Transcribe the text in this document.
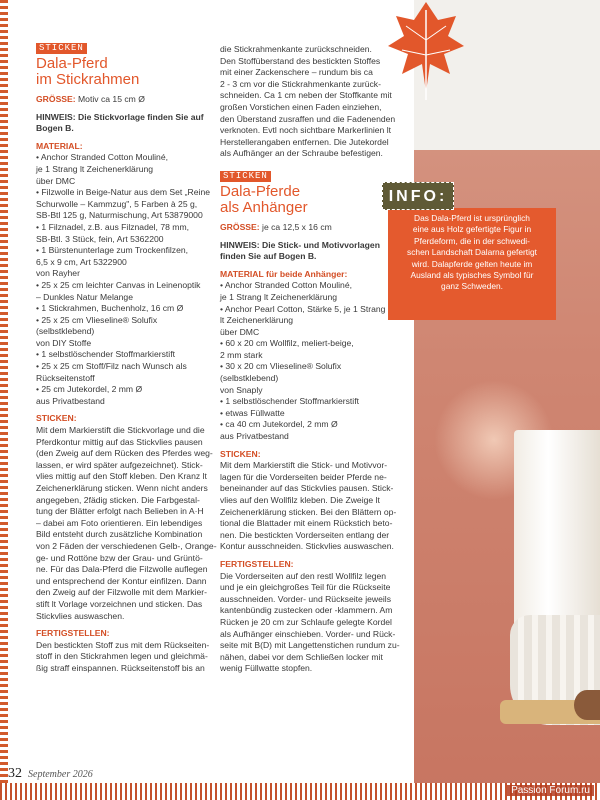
STICKEN
Dala-Pferd
im Stickrahmen
GRÖSSE: Motiv ca 15 cm Ø
HINWEIS: Die Stickvorlage finden Sie auf
Bogen B.
MATERIAL:
• Anchor Stranded Cotton Mouliné,
je 1 Strang lt Zeichenerklärung
über DMC
• Filzwolle in Beige-Natur aus dem Set „Reine
Schurwolle – Kammzug", 5 Farben à 25 g,
SB-Btl 125 g, Naturmischung, Art 53879000
• 1 Filznadel, z.B. aus Filznadel, 78 mm,
SB-Btl. 3 Stück, fein, Art 5362200
• 1 Bürstenunterlage zum Trockenfilzen,
6,5 x 9 cm, Art 5322900
von Rayher
• 25 x 25 cm leichter Canvas in Leinenoptik
– Dunkles Natur Melange
• 1 Stickrahmen, Buchenholz, 16 cm Ø
• 25 x 25 cm Vlieseline® Solufix
(selbstklebend)
von DIY Stoffe
• 1 selbstlöschender Stoffmarkierstift
• 25 x 25 cm Stoff/Filz nach Wunsch als
Rückseitenstoff
• 25 cm Jutekordel, 2 mm Ø
aus Privatbestand
STICKEN:
Mit dem Markierstift die Stickvorlage und die
Pferdkontur mittig auf das Stickvlies pausen
(den Zweig auf dem Rücken des Pferdes weg-
lassen, er wird später aufgezeichnet). Stick-
vlies mittig auf den Stoff kleben. Den Kranz lt
Zeichenerklärung sticken. Wenn nicht anders
angegeben, 2fädig sticken. Die Farbgestal-
tung der Blätter erfolgt nach Belieben in A·H
– dabei am Foto orientieren. Ein lebendiges
Bild entsteht durch zusätzliche Kombination
von 2 Fäden der verschiedenen Gelb-, Orange-
ge- und Rottöne bzw der Grau- und Grüntö-
ne. Für das Dala-Pferd die Filzwolle auflegen
und entsprechend der Kontur einfilzen. Dann
den Zweig auf der Filzwolle mit dem Markier-
stift lt Vorlage vorzeichnen und sticken. Das
Stickvlies auswaschen.
FERTIGSTELLEN:
Den bestickten Stoff zus mit dem Rückseiten-
stoff in den Stickrahmen legen und gleichmä-
ßig straff einspannen. Rückseitenstoff bis an
die Stickrahmenkante zurückschneiden.
Den Stoffüberstand des bestickten Stoffes
mit einer Zackenschere – rundum bis ca
2 - 3 cm vor die Stickrahmenkante zurück-
schneiden. Ca 1 cm neben der Stoffkante mit
großen Vorstichen einen Faden einziehen,
den Überstand zusraffen und die Fadenenden
verknoten. Evtl noch sichtbare Markerlinien lt
Herstellerangaben entfernen. Die Jutekordel
als Aufhänger an der Schraube befestigen.
STICKEN
Dala-Pferde
als Anhänger
GRÖSSE: je ca 12,5 x 16 cm
HINWEIS: Die Stick- und Motivvorlagen
finden Sie auf Bogen B.
MATERIAL für beide Anhänger:
• Anchor Stranded Cotton Mouliné,
je 1 Strang lt Zeichenerklärung
• Anchor Pearl Cotton, Stärke 5, je 1 Strang
lt Zeichenerklärung
über DMC
• 60 x 20 cm Wollfilz, meliert-beige,
2 mm stark
• 30 x 20 cm Vlieseline® Solufix
(selbstklebend)
von Snaply
• 1 selbstlöschender Stoffmarkierstift
• etwas Füllwatte
• ca 40 cm Jutekordel, 2 mm Ø
aus Privatbestand
STICKEN:
Mit dem Markierstift die Stick- und Motivvor-
lagen für die Vorderseiten beider Pferde ne-
beneinander auf das Stickvlies pausen. Stick-
vlies auf den Wollfilz kleben. Die Zweige lt
Zeichenerklärung sticken. Bei den Blättern op-
tional die Blattader mit einem Rückstich beto-
nen. Die bestickten Vorderseiten entlang der
Kontur ausschneiden. Stickvlies auswaschen.
FERTIGSTELLEN:
Die Vorderseiten auf den restl Wollfilz legen
und je ein gleichgroßes Teil für die Rückseite
ausschneiden. Vorder- und Rückseite jeweils
kantenbündig zustecken oder -klammern. Am
Rücken je 20 cm zur Schlaufe gelegte Kordel
als Aufhänger einschieben. Vorder- und Rück-
seite mit B(D) mit Langettenstichen rundum zu-
nähen, dabei vor dem Schließen locker mit
wenig Füllwatte stopfen.
Das Dala-Pferd ist ursprünglich
eine aus Holz gefertigte Figur in
Pferdeform, die in der schwedi-
schen Landschaft Dalarna gefertigt
wird. Dalapferde gelten heute im
Ausland als typisches Symbol für
ganz Schweden.
INFO:
32 September 2026
Passion Forum.ru
